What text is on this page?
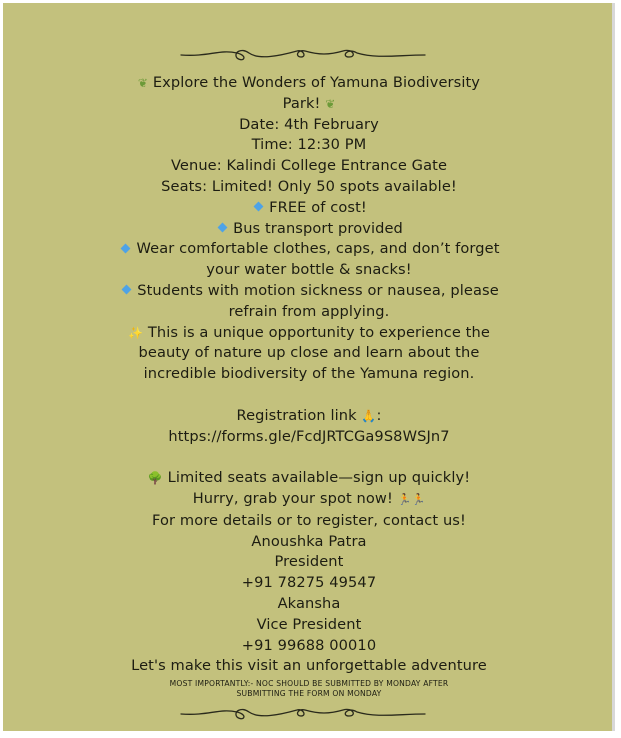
❦ Explore the Wonders of Yamuna Biodiversity
Park! ❦
Date: 4th February
Time: 12:30 PM
Venue: Kalindi College Entrance Gate
Seats: Limited! Only 50 spots available!
FREE of cost!
Bus transport provided
Wear comfortable clothes, caps, and don’t forget
your water bottle & snacks!
Students with motion sickness or nausea, please
refrain from applying.
✨ This is a unique opportunity to experience the
beauty of nature up close and learn about the
incredible biodiversity of the Yamuna region.
Registration link 🙏:
https://forms.gle/FcdJRTCGa9S8WSJn7
🌳 Limited seats available—sign up quickly!
Hurry, grab your spot now! 🏃🏃
For more details or to register, contact us!
Anoushka Patra
President
+91 78275 49547
Akansha
Vice President
+91 99688 00010
Let's make this visit an unforgettable adventure
MOST IMPORTANTLY:- NOC SHOULD BE SUBMITTED BY MONDAY AFTER
SUBMITTING THE FORM ON MONDAY
